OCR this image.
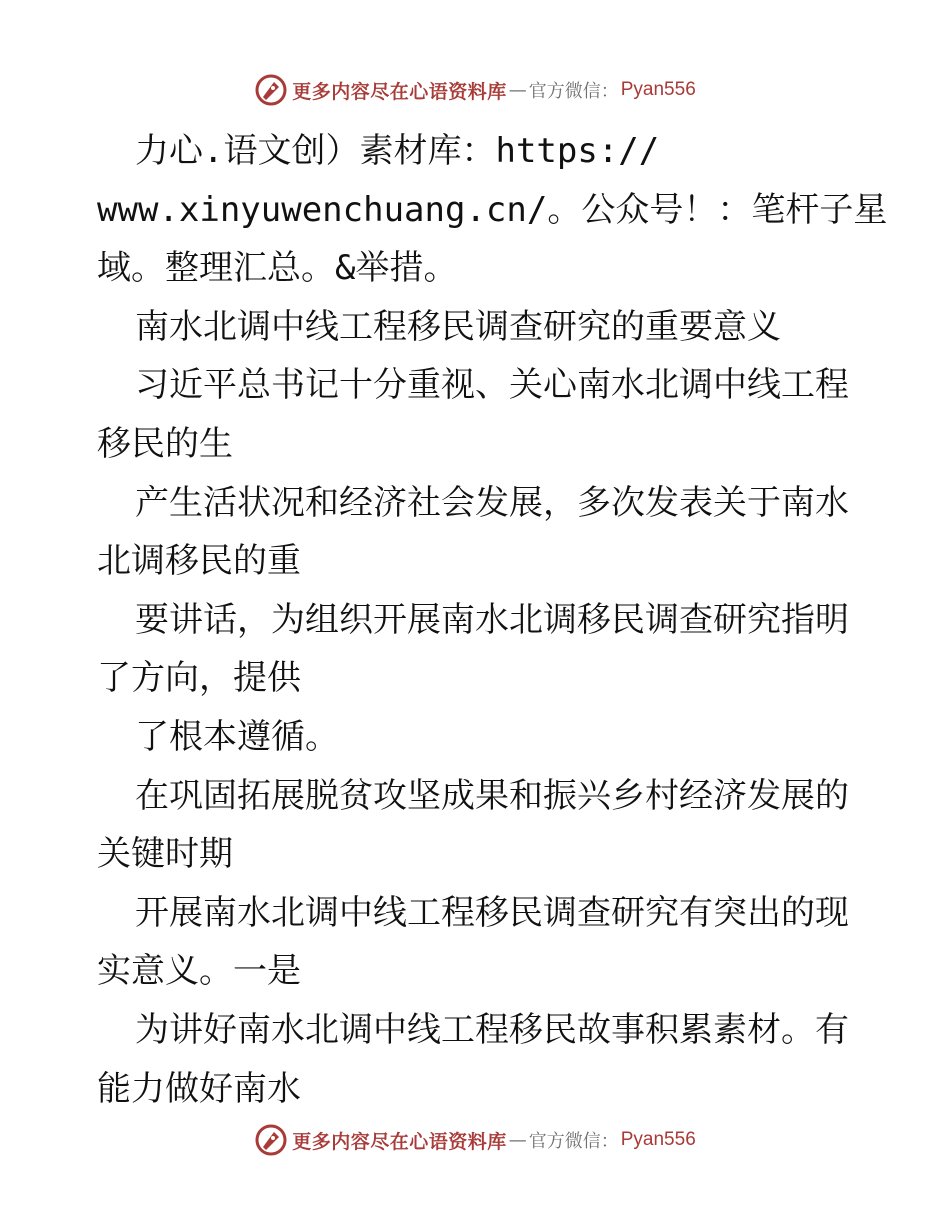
更多内容尽在心语资料库 — 官方微信： Pyan556
力心.语文创）素材库：https://
www.xinyuwenchuang.cn/。公众号！：笔杆子星
域。整理汇总。&举措。
南水北调中线工程移民调查研究的重要意义
习近平总书记十分重视、关心南水北调中线工程
移民的生
产生活状况和经济社会发展，多次发表关于南水
北调移民的重
要讲话，为组织开展南水北调移民调查研究指明
了方向，提供
了根本遵循。
在巩固拓展脱贫攻坚成果和振兴乡村经济发展的
关键时期
开展南水北调中线工程移民调查研究有突出的现
实意义。一是
为讲好南水北调中线工程移民故事积累素材。有
能力做好南水
更多内容尽在心语资料库 — 官方微信： Pyan556
